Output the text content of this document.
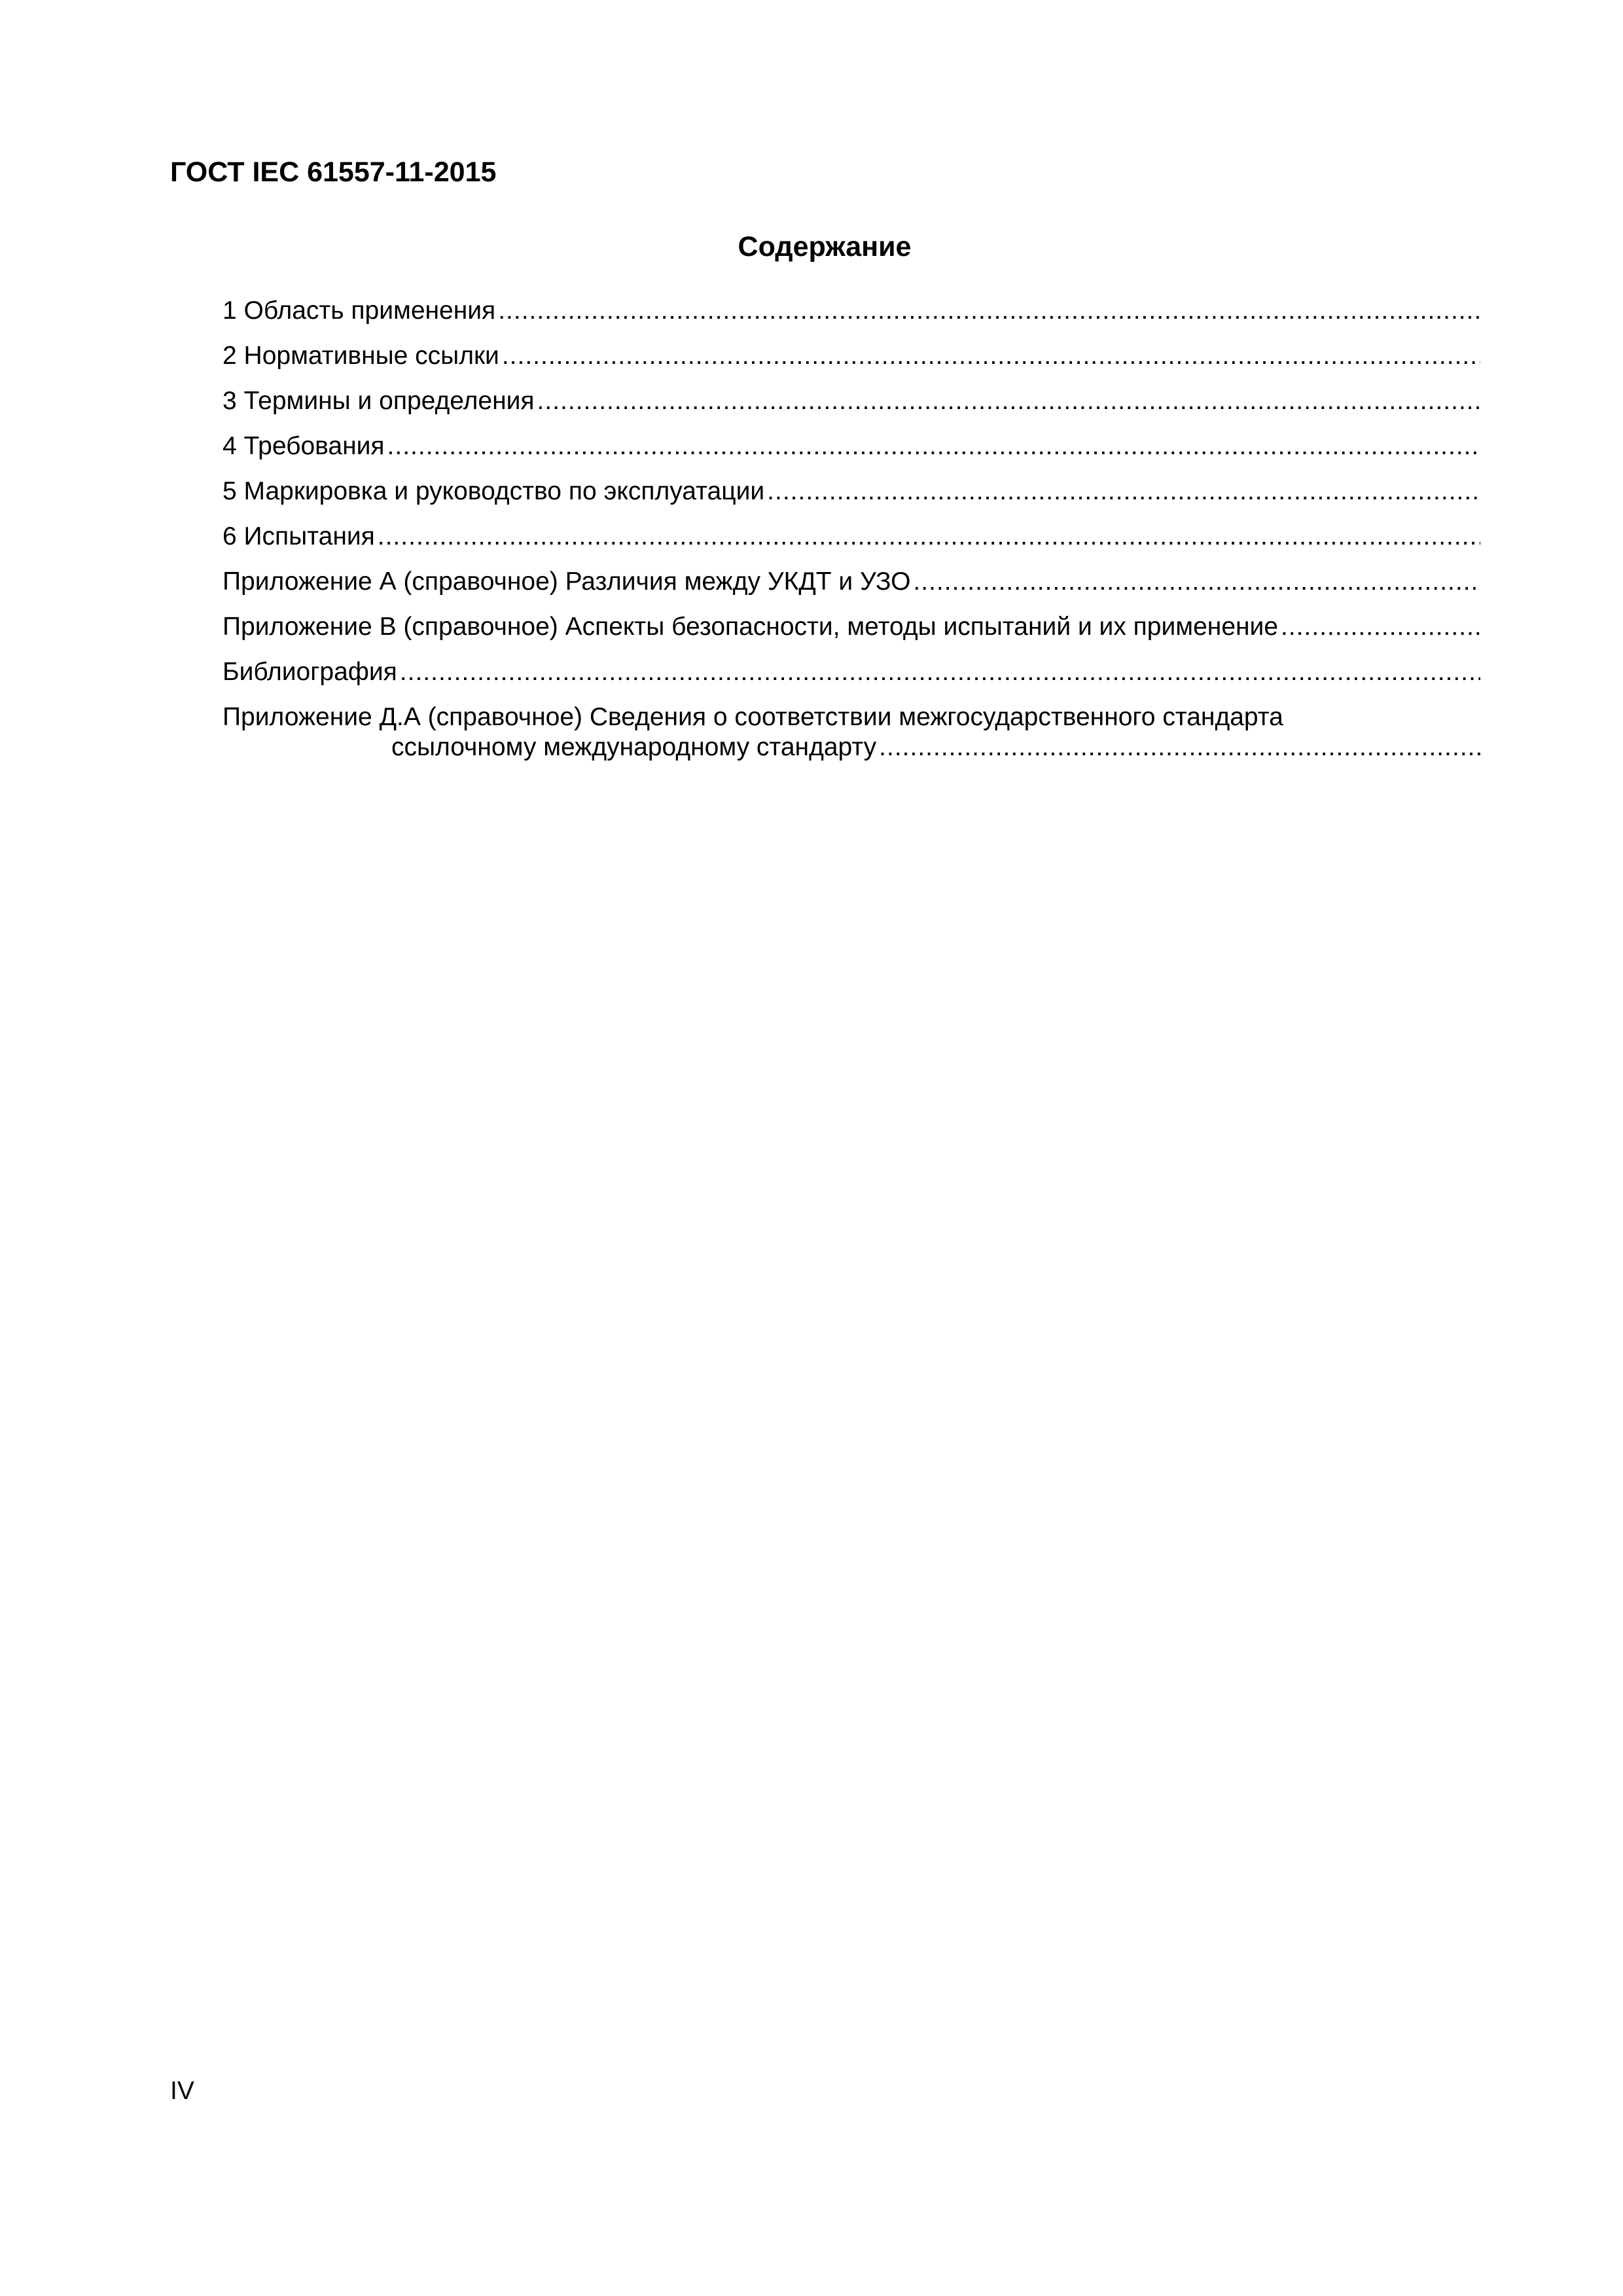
ГОСТ IEC 61557-11-2015
Содержание
1 Область применения
.....
2 Нормативные ссылки
.....
3 Термины и определения
.....
4 Требования
.....
5 Маркировка и руководство по эксплуатации
.....
6 Испытания
.....
Приложение А (справочное) Различия между УКДТ и УЗО
.....
Приложение В (справочное) Аспекты безопасности, методы испытаний и их применение
.....
Библиография
.....
Приложение Д.А (справочное) Сведения о соответствии межгосударственного стандарта
ссылочному международному стандарту
.....
IV
